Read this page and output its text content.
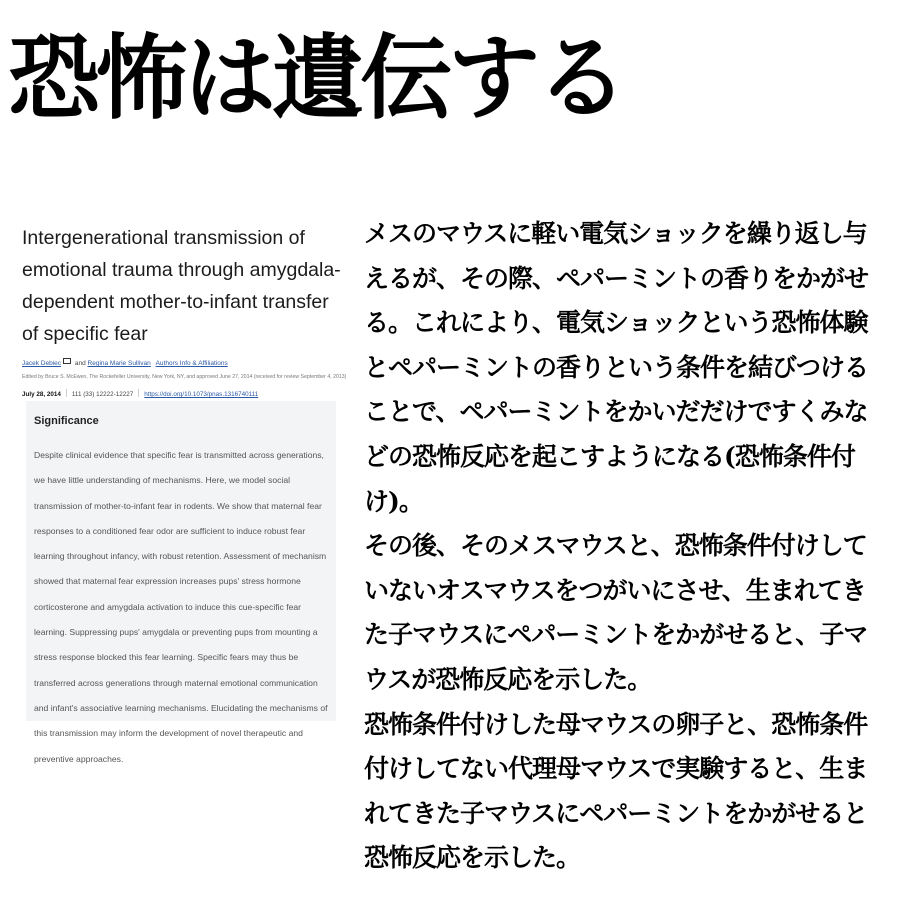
恐怖は遺伝する
Intergenerational transmission of emotional trauma through amygdala-dependent mother-to-infant transfer of specific fear
Jacek Debiec and Regina Marie Sullivan Authors Info & Affiliations
Edited by Bruce S. McEwen, The Rockefeller University, New York, NY, and approved June 27, 2014 (received for review September 4, 2013)
July 28, 2014 111 (33) 12222-12227 https://doi.org/10.1073/pnas.1316740111
Significance
Despite clinical evidence that specific fear is transmitted across generations, we have little understanding of mechanisms. Here, we model social transmission of mother-to-infant fear in rodents. We show that maternal fear responses to a conditioned fear odor are sufficient to induce robust fear learning throughout infancy, with robust retention. Assessment of mechanism showed that maternal fear expression increases pups' stress hormone corticosterone and amygdala activation to induce this cue-specific fear learning. Suppressing pups' amygdala or preventing pups from mounting a stress response blocked this fear learning. Specific fears may thus be transferred across generations through maternal emotional communication and infant's associative learning mechanisms. Elucidating the mechanisms of this transmission may inform the development of novel therapeutic and preventive approaches.

メスのマウスに軽い電気ショックを繰り返し与えるが、その際、ペパーミントの香りをかがせる。これにより、電気ショックという恐怖体験とペパーミントの香りという条件を結びつけることで、ペパーミントをかいだだけですくみなどの恐怖反応を起こすようになる(恐怖条件付け)。

その後、そのメスマウスと、恐怖条件付けしていないオスマウスをつがいにさせ、生まれてきた子マウスにペパーミントをかがせると、子マウスが恐怖反応を示した。

恐怖条件付けした母マウスの卵子と、恐怖条件付けしてない代理母マウスで実験すると、生まれてきた子マウスにペパーミントをかがせると恐怖反応を示した。
